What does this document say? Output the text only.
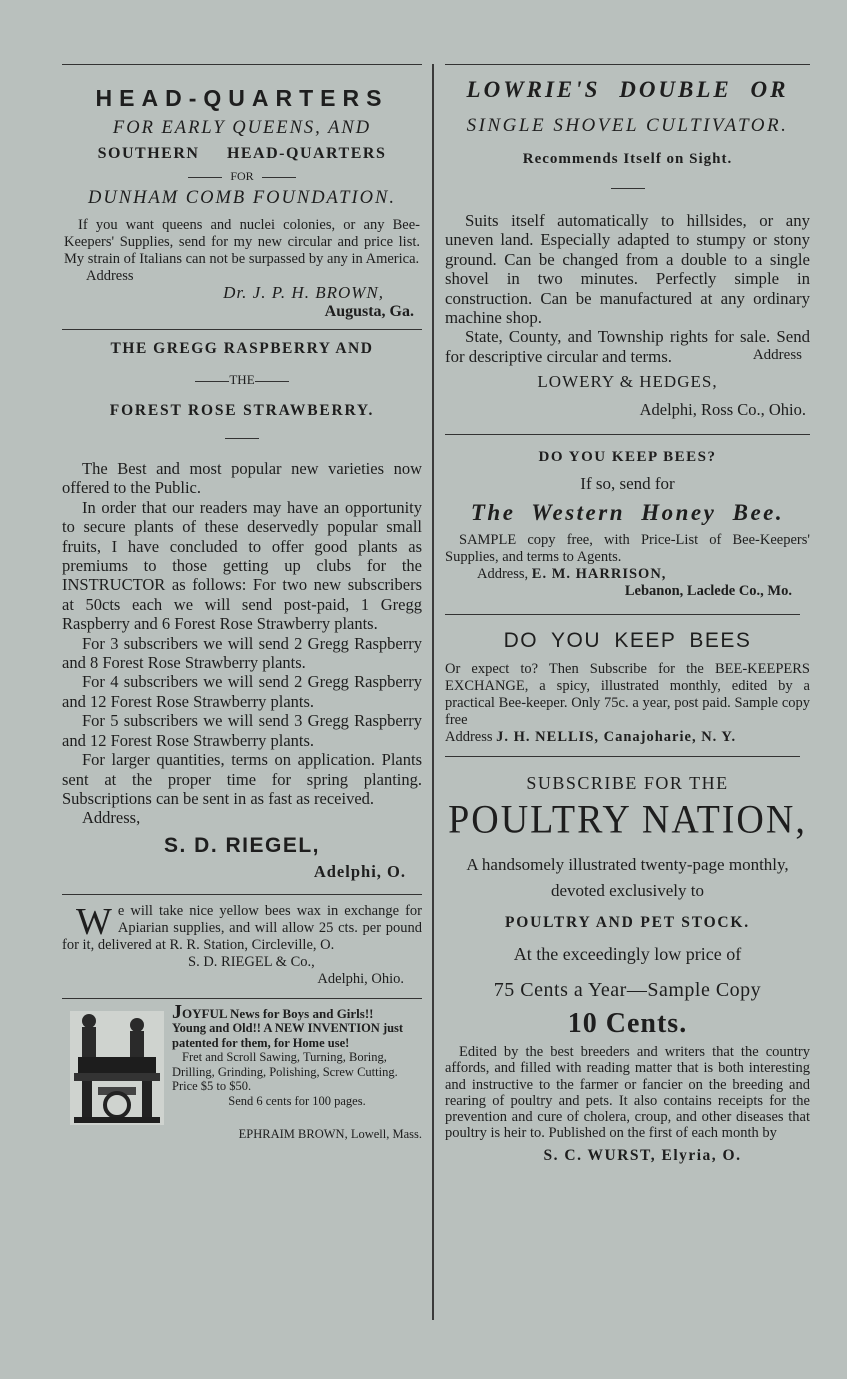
HEAD-QUARTERS
FOR EARLY QUEENS, AND
SOUTHERN HEAD-QUARTERS
FOR
DUNHAM COMB FOUNDATION.

If you want queens and nuclei colonies, or any Bee-Keepers' Supplies, send for my new circular and price list. My strain of Italians can not be surpassed by any in America.

Address

Dr. J. P. H. BROWN,

Augusta, Ga.

THE GREGG RASPBERRY AND
THE
FOREST ROSE STRAWBERRY.

The Best and most popular new varieties now offered to the Public.

In order that our readers may have an opportunity to secure plants of these deservedly popular small fruits, I have concluded to offer good plants as premiums to those getting up clubs for the INSTRUCTOR as follows: For two new subscribers at 50cts each we will send post-paid, 1 Gregg Raspberry and 6 Forest Rose Strawberry plants.

For 3 subscribers we will send 2 Gregg Raspberry and 8 Forest Rose Strawberry plants.

For 4 subscribers we will send 2 Gregg Raspberry and 12 Forest Rose Strawberry plants.

For 5 subscribers we will send 3 Gregg Raspberry and 12 Forest Rose Strawberry plants.

For larger quantities, terms on application. Plants sent at the proper time for spring planting. Subscriptions can be sent in as fast as received.

Address,

S. D. RIEGEL,

Adelphi, O.

W e will take nice yellow bees wax in exchange for Apiarian supplies, and will allow 25 cts. per pound for it, delivered at R. R. Station, Circleville, O.

S. D. RIEGEL & Co.,

Adelphi, Ohio.

JOYFUL News for Boys and Girls!!

Young and Old!! A NEW INVENTION just patented for them, for Home use!

Fret and Scroll Sawing, Turning, Boring, Drilling, Grinding, Polishing, Screw Cutting. Price $5 to $50.

Send 6 cents for 100 pages.

EPHRAIM BROWN, Lowell, Mass.

LOWRIE'S DOUBLE OR
SINGLE SHOVEL CULTIVATOR.
Recommends Itself on Sight.

Suits itself automatically to hillsides, or any uneven land. Especially adapted to stumpy or stony ground. Can be changed from a double to a single shovel in two minutes. Perfectly simple in construction. Can be manufactured at any ordinary machine shop.

State, County, and Township rights for sale. Send for descriptive circular and terms.	Address

LOWERY & HEDGES,

Adelphi, Ross Co., Ohio.

DO YOU KEEP BEES?
If so, send for
The Western Honey Bee.

SAMPLE copy free, with Price-List of Bee-Keepers' Supplies, and terms to Agents.

Address, E. M. HARRISON,

Lebanon, Laclede Co., Mo.

DO YOU KEEP BEES

Or expect to? Then Subscribe for the BEE-KEEPERS EXCHANGE, a spicy, illustrated monthly, edited by a practical Bee-keeper. Only 75c. a year, post paid. Sample copy free

Address J. H. NELLIS, Canajoharie, N. Y.

SUBSCRIBE FOR THE
POULTRY NATION,

A handsomely illustrated twenty-page monthly, devoted exclusively to

POULTRY AND PET STOCK.
At the exceedingly low price of
75 Cents a Year—Sample Copy
10 Cents.

Edited by the best breeders and writers that the country affords, and filled with reading matter that is both interesting and instructive to the farmer or fancier on the breeding and rearing of poultry and pets. It also contains receipts for the prevention and cure of cholera, croup, and other diseases that poultry is heir to. Published on the first of each month by

S. C. WURST, Elyria, O.
